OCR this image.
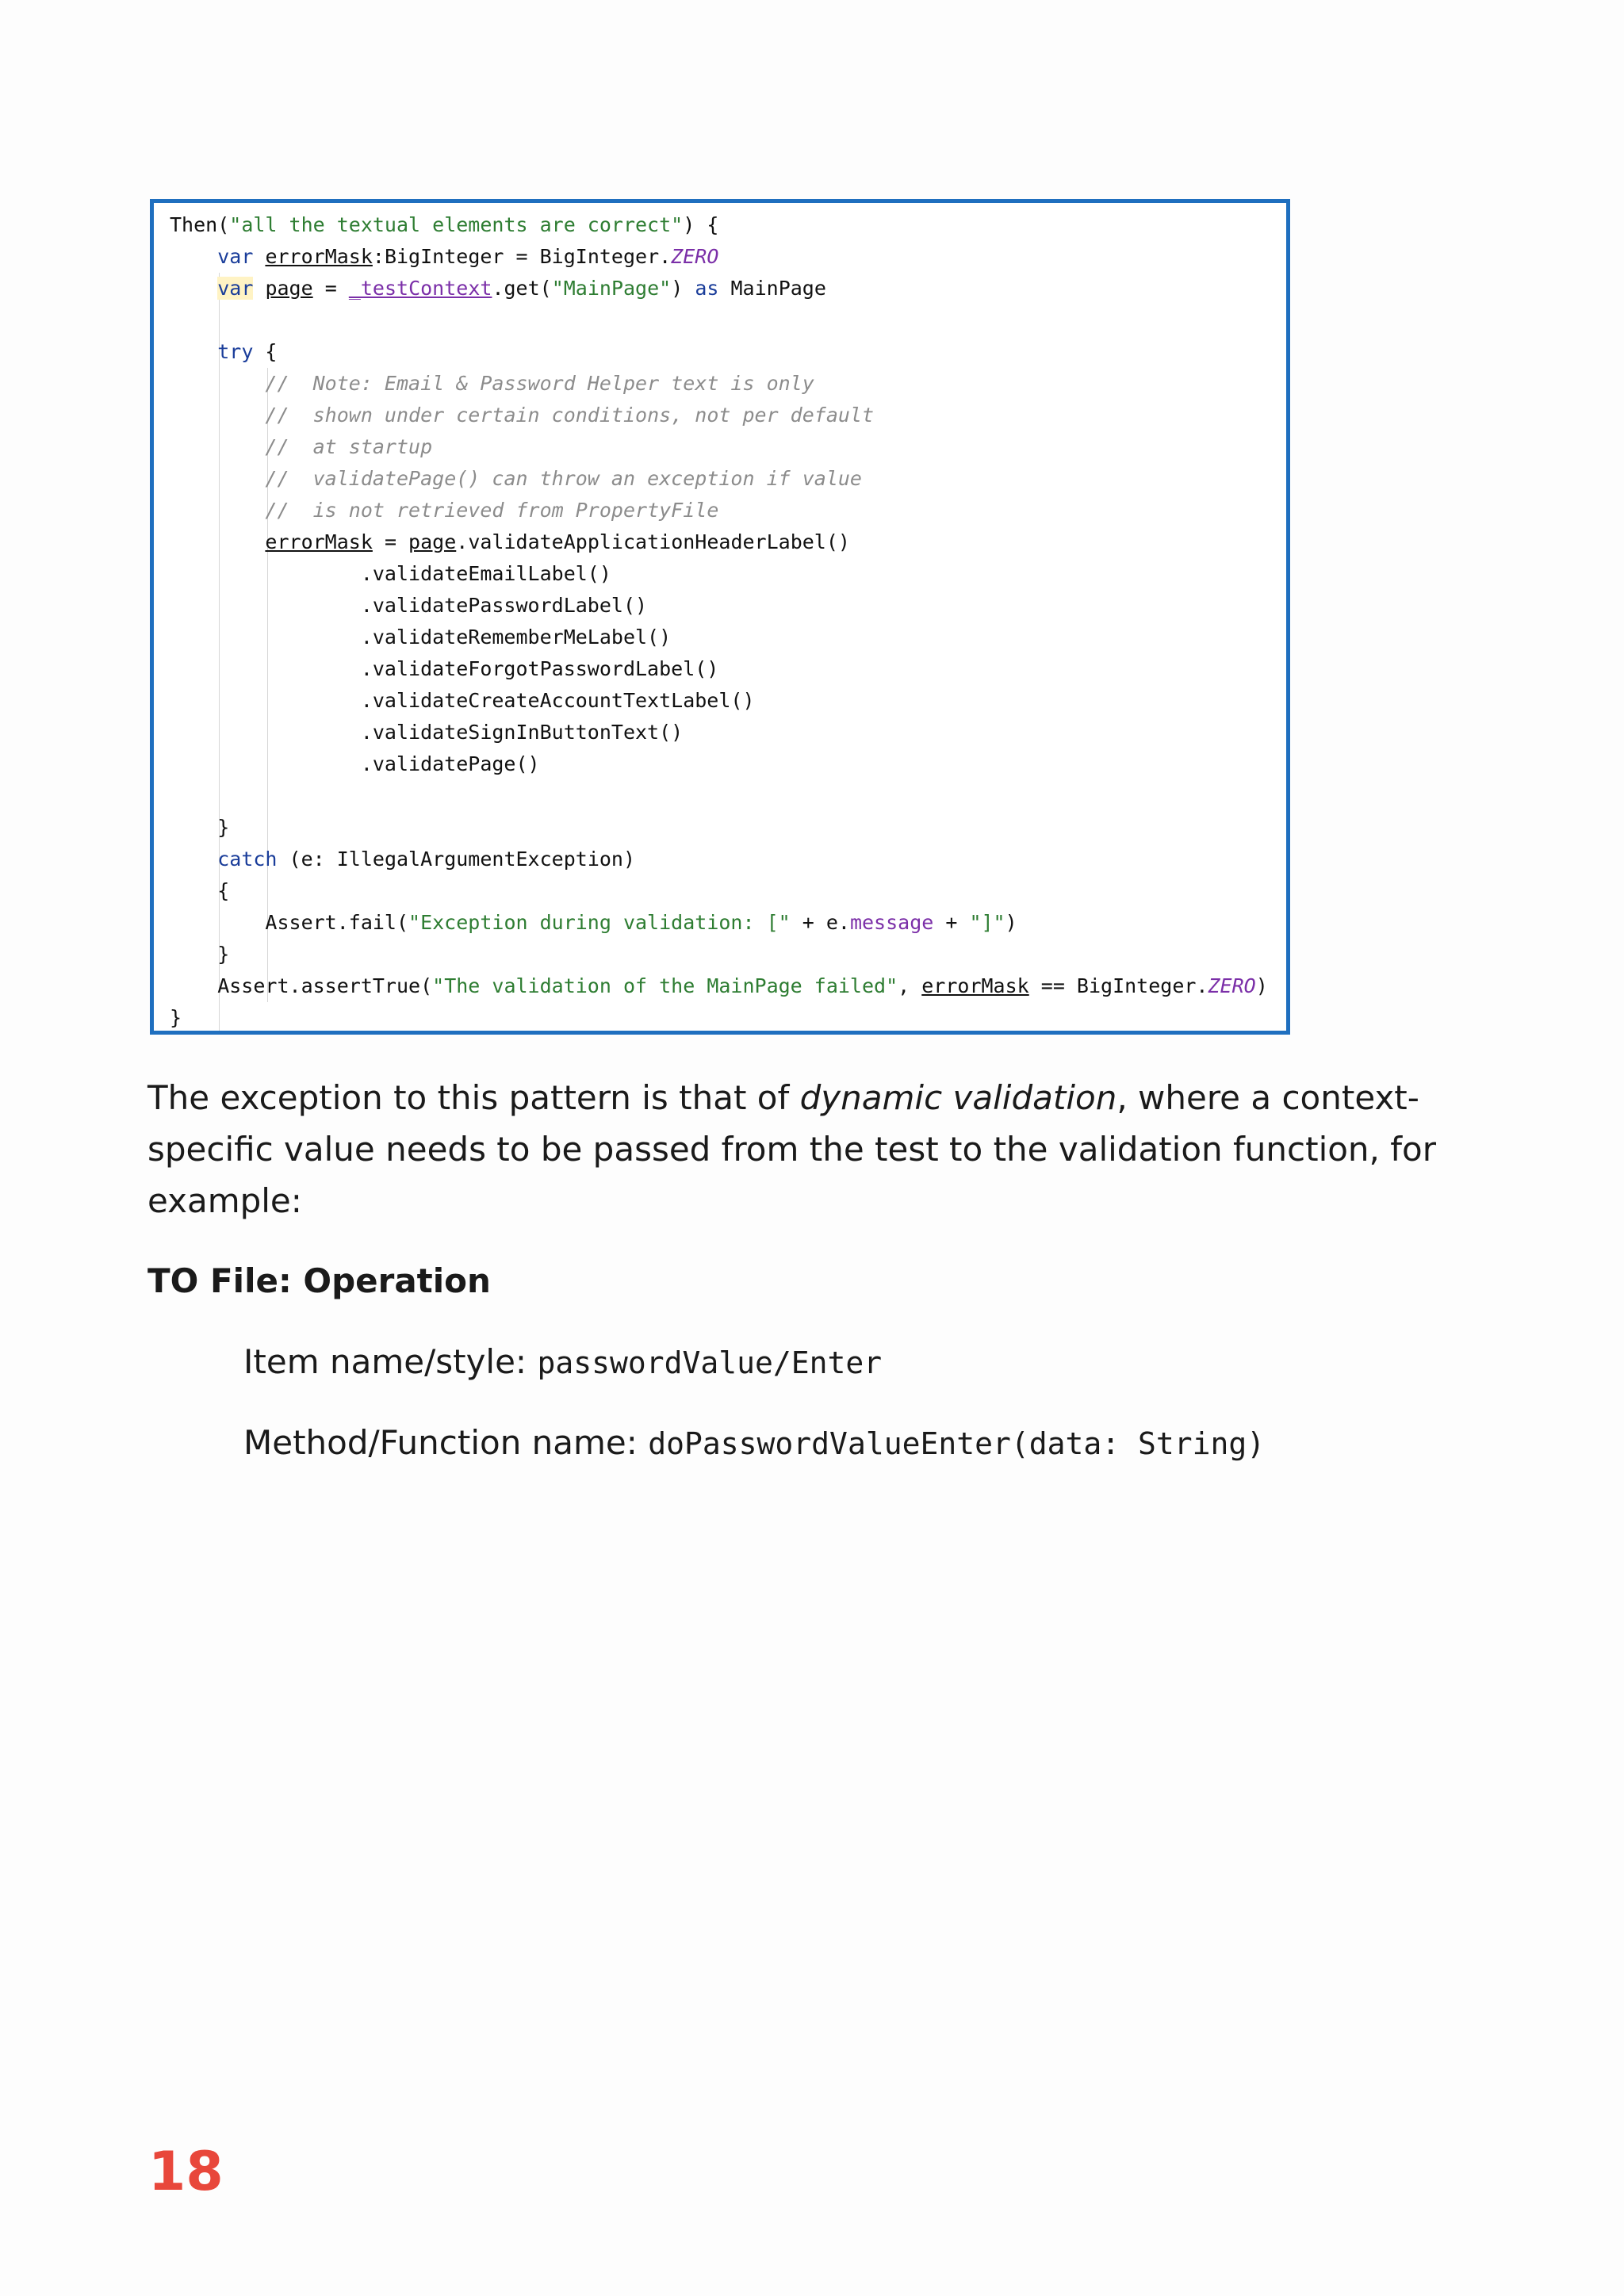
Then("all the textual elements are correct") {
var errorMask:BigInteger = BigInteger.ZERO
var page = _testContext.get("MainPage") as MainPage
try {
//  Note: Email & Password Helper text is only
//  shown under certain conditions, not per default
//  at startup
//  validatePage() can throw an exception if value
//  is not retrieved from PropertyFile
errorMask = page.validateApplicationHeaderLabel()
.validateEmailLabel()
.validatePasswordLabel()
.validateRememberMeLabel()
.validateForgotPasswordLabel()
.validateCreateAccountTextLabel()
.validateSignInButtonText()
.validatePage()
}
catch (e: IllegalArgumentException)
{
Assert.fail("Exception during validation: [" + e.message + "]")
}
Assert.assertTrue("The validation of the MainPage failed", errorMask == BigInteger.ZERO)
}

The exception to this pattern is that of dynamic validation, where a context-specific value needs to be passed from the test to the validation function, for example:

TO File: Operation
Item name/style: passwordValue/Enter
Method/Function name: doPasswordValueEnter(data: String)
18
